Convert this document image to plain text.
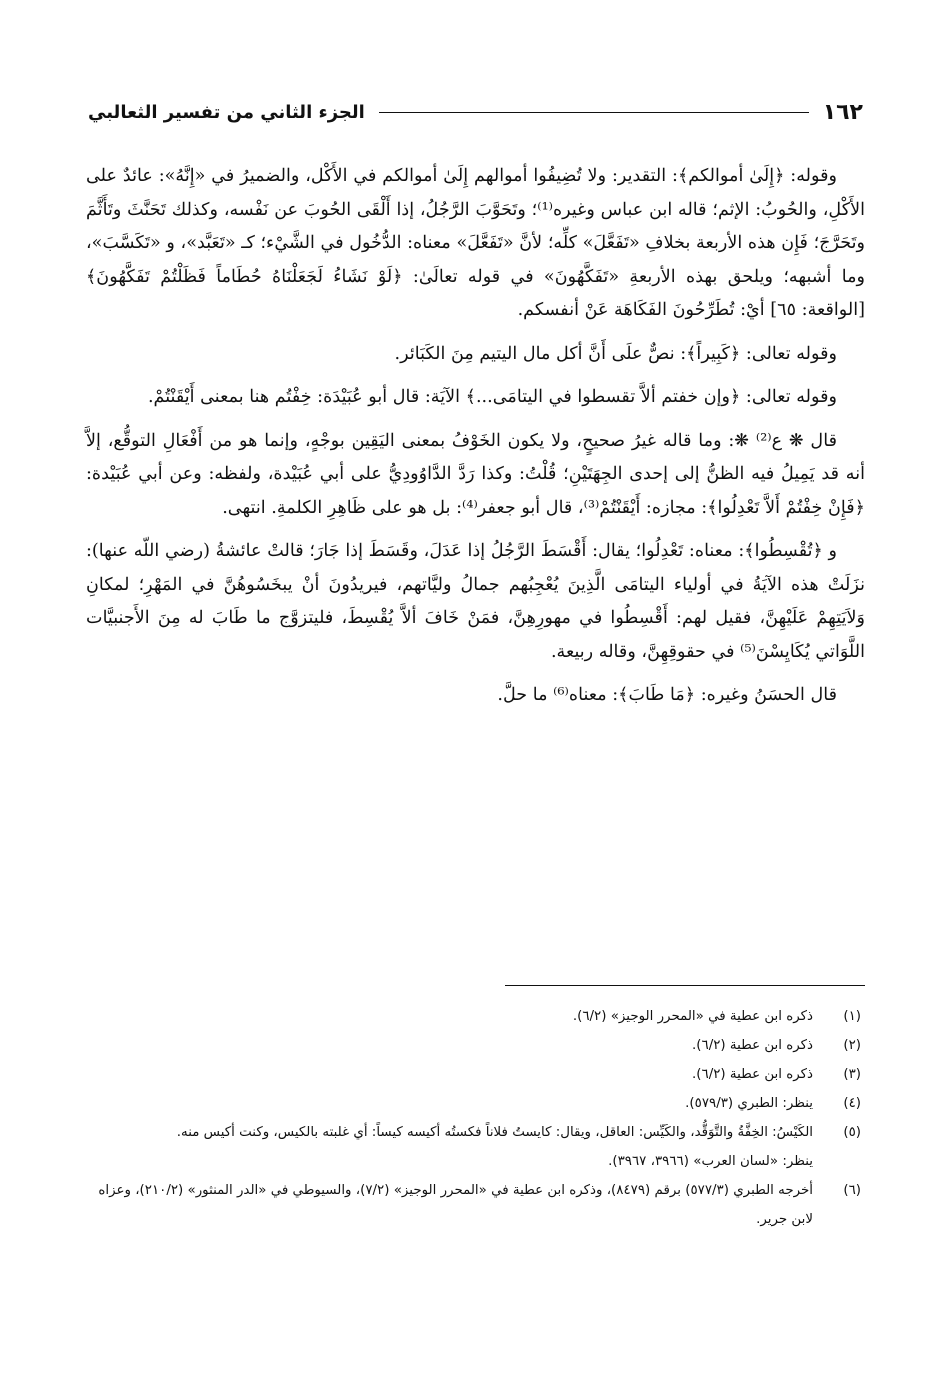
١٦٢
الجزء الثاني من تفسير الثعالبي

وقوله: ﴿إِلَىٰ أموالكم﴾: التقدير: ولا تُضِيفُوا أموالهم إِلَىٰ أموالكم في الأَكْل، والضميرُ في «إِنَّهُ»: عائدٌ على الأَكْلِ، والحُوبُ: الإثم؛ قاله ابن عباس وغيره⁽¹⁾؛ وتَحَوَّبَ الرَّجُلُ، إذا أَلْقَى الحُوبَ عن نَفْسه، وكذلك تَحَنَّثَ وتَأَثَّمَ وتَحَرَّجَ؛ فَإِن هذه الأربعة بخلافِ «تَفَعَّلَ» كلِّه؛ لأنَّ «تَفَعَّلَ» معناه: الدُّخُول في الشَّيْء؛ كـ «تَعَبَّد»، و «تَكَسَّبَ»، وما أشبهه؛ ويلحق بهذه الأربعةِ «تَفَكَّهُونَ» في قوله تعالَىٰ: ﴿لَوْ نَشَاءُ لَجَعَلْنَاهُ حُطَاماً فَظَلْتُمْ تَفَكَّهُونَ﴾ [الواقعة: ٦٥] أيْ: تُطَرِّحُونَ الفَكَاهَة عَنْ أنفسكم.

وقوله تعالى: ﴿كَبِيراً﴾: نصٌّ علَى أَنَّ أكل مال اليتيم مِنَ الكَبَائر.

وقوله تعالى: ﴿وإن خفتم ألاَّ تقسطوا في اليتامَى...﴾ الآيَة: قال أبو عُبَيْدَة: خِفْتُم هنا بمعنى أَيْقَنْتُمْ.

قال ❋ ع⁽²⁾ ❋: وما قاله غيرُ صحيحٍ، ولا يكون الخَوْفُ بمعنى اليَقِين بوجْهٍ، وإنما هو من أَفْعَالِ التوقُّع، إلاَّ أنه قد يَمِيلُ فيه الظنُّ إلى إحدى الجِهَتَيْنِ؛ قُلْتُ: وكذا رَدَّ الدَّاوُودِيُّ على أبي عُبَيْدة، ولفظه: وعن أبي عُبَيْدة: ﴿فَإِنْ خِفْتُمْ أَلاَّ تَعْدِلُوا﴾: مجازه: أَيْقَنْتُمْ⁽³⁾، قال أبو جعفر⁽⁴⁾: بل هو على ظَاهِرِ الكلمةِ. انتهى.

و ﴿تُقْسِطُوا﴾: معناه: تَعْدِلُوا؛ يقال: أَقْسَطَ الرَّجُلُ إذا عَدَلَ، وقَسَطَ إذا جَارَ؛ قالتْ عائشةُ (رضي اللّه عنها): نزَلَتْ هذه الآيَةُ في أولياء اليتامَى الَّذِينَ يُعْجِبُهم جمالُ وليَّاتهم، فيريدُونَ أنْ يبخَسُوهُنَّ في المَهْرِ؛ لمكانِ وَلاَيَتِهِمْ عَلَيْهِنَّ، فقيل لهم: أَقْسِطُوا في مهورِهِنَّ، فمَنْ خَافَ ألاَّ يُقْسِطَ، فليتزوَّج ما طَابَ له مِنَ الأَجنبيَّات اللَّوَاتي يُكَايِسْنَ⁽⁵⁾ في حقوقِهِنَّ، وقاله ربيعة.

قال الحسَنُ وغيره: ﴿مَا طَابَ﴾: معناه⁽⁶⁾ ما حلَّ.

(١)
ذكره ابن عطية في «المحرر الوجيز» (٦/٢).
(٢)
ذكره ابن عطية (٦/٢).
(٣)
ذكره ابن عطية (٦/٢).
(٤)
ينظر: الطبري (٥٧٩/٣).
(٥)
الكَيْسُ: الخِفَّةُ والتَّوَقُّد، والكَيِّس: العاقل، ويقال: كايستُ فلاناً فكستُه أكيسه كيساً: أي غلبته بالكيس، وكنت أكيس منه.
ينظر: «لسان العرب» (٣٩٦٦، ٣٩٦٧).
(٦)
أخرجه الطبري (٥٧٧/٣) برقم (٨٤٧٩)، وذكره ابن عطية في «المحرر الوجيز» (٧/٢)، والسيوطي في «الدر المنثور» (٢١٠/٢)، وعزاه لابن جرير.
